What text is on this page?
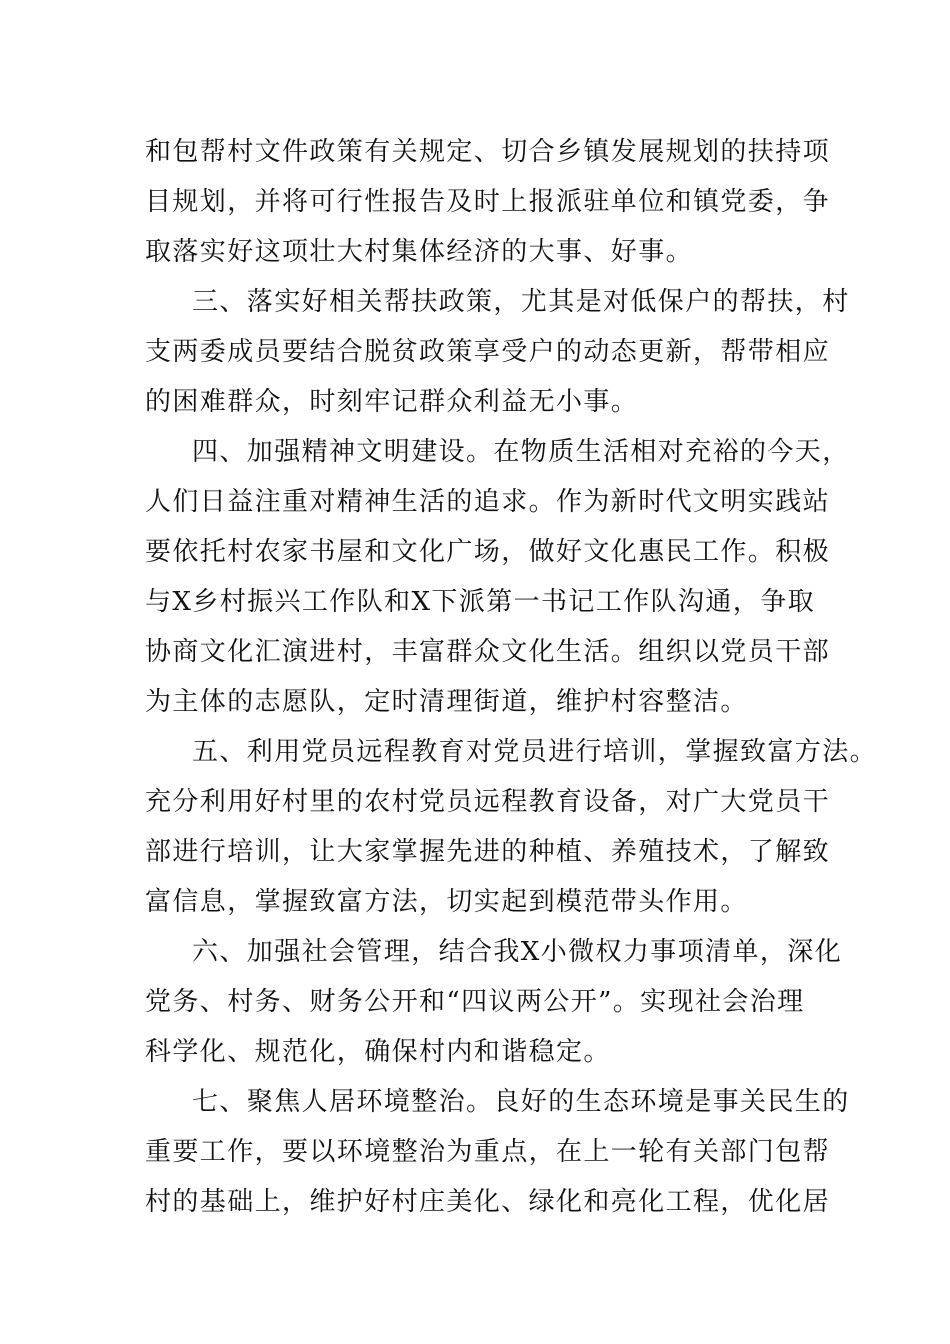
和包帮村文件政策有关规定、切合乡镇发展规划的扶持项
目规划，并将可行性报告及时上报派驻单位和镇党委，争
取落实好这项壮大村集体经济的大事、好事。
三、落实好相关帮扶政策，尤其是对低保户的帮扶，村
支两委成员要结合脱贫政策享受户的动态更新，帮带相应
的困难群众，时刻牢记群众利益无小事。
四、加强精神文明建设。在物质生活相对充裕的今天，
人们日益注重对精神生活的追求。作为新时代文明实践站
要依托村农家书屋和文化广场，做好文化惠民工作。积极
与X乡村振兴工作队和X下派第一书记工作队沟通，争取
协商文化汇演进村，丰富群众文化生活。组织以党员干部
为主体的志愿队，定时清理街道，维护村容整洁。
五、利用党员远程教育对党员进行培训，掌握致富方法。
充分利用好村里的农村党员远程教育设备，对广大党员干
部进行培训，让大家掌握先进的种植、养殖技术，了解致
富信息，掌握致富方法，切实起到模范带头作用。
六、加强社会管理，结合我X小微权力事项清单，深化
党务、村务、财务公开和“四议两公开”。实现社会治理
科学化、规范化，确保村内和谐稳定。
七、聚焦人居环境整治。良好的生态环境是事关民生的
重要工作，要以环境整治为重点，在上一轮有关部门包帮
村的基础上，维护好村庄美化、绿化和亮化工程，优化居
